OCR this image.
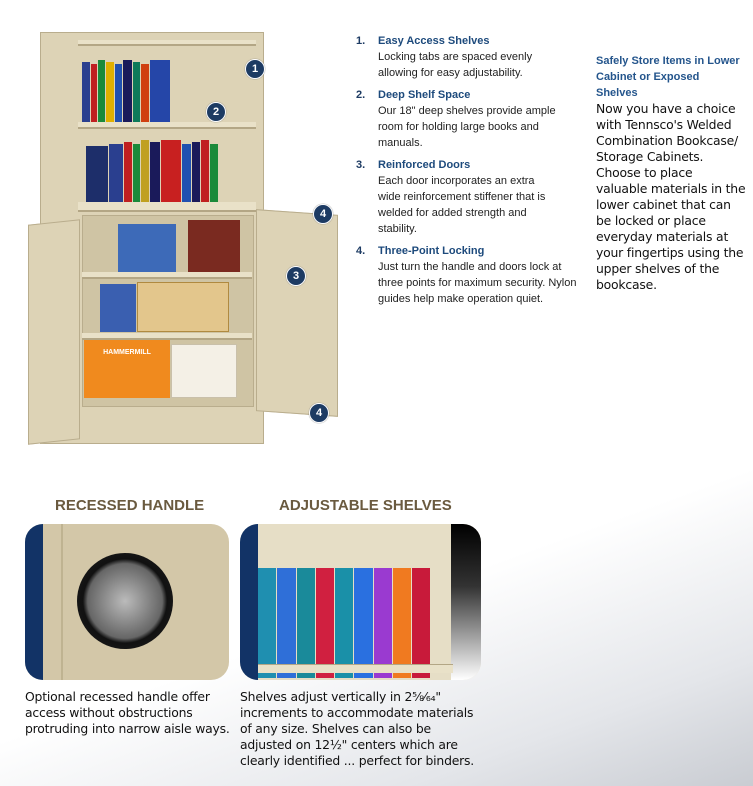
HAMMERMILL
1
2
4
3
4
1.	Easy Access Shelves
Locking tabs are spaced evenly allowing for easy adjustability.
2.	Deep Shelf Space
Our 18" deep shelves provide ample room for holding large books and manuals.
3.	Reinforced Doors
Each door incorporates an extra wide reinforcement stiffener that is welded for added strength and stability.
4.	Three-Point Locking
Just turn the handle and doors lock at three points for maximum security. Nylon guides help make operation quiet.
Safely Store Items in Lower Cabinet or Exposed Shelves
Now you have a choice with Tennsco's Welded Combination Bookcase/ Storage Cabinets. Choose to place valuable materials in the lower cabinet that can be locked or place everyday materials at your fingertips using the upper shelves of the bookcase.
RECESSED HANDLE	ADJUSTABLE SHELVES
Optional recessed handle offer access without obstructions protruding into narrow aisle ways.
Shelves adjust vertically in 2⅝⁄₆₄" increments to accommodate materials of any size. Shelves can also be adjusted on 12½" centers which are clearly identified ... perfect for binders.
